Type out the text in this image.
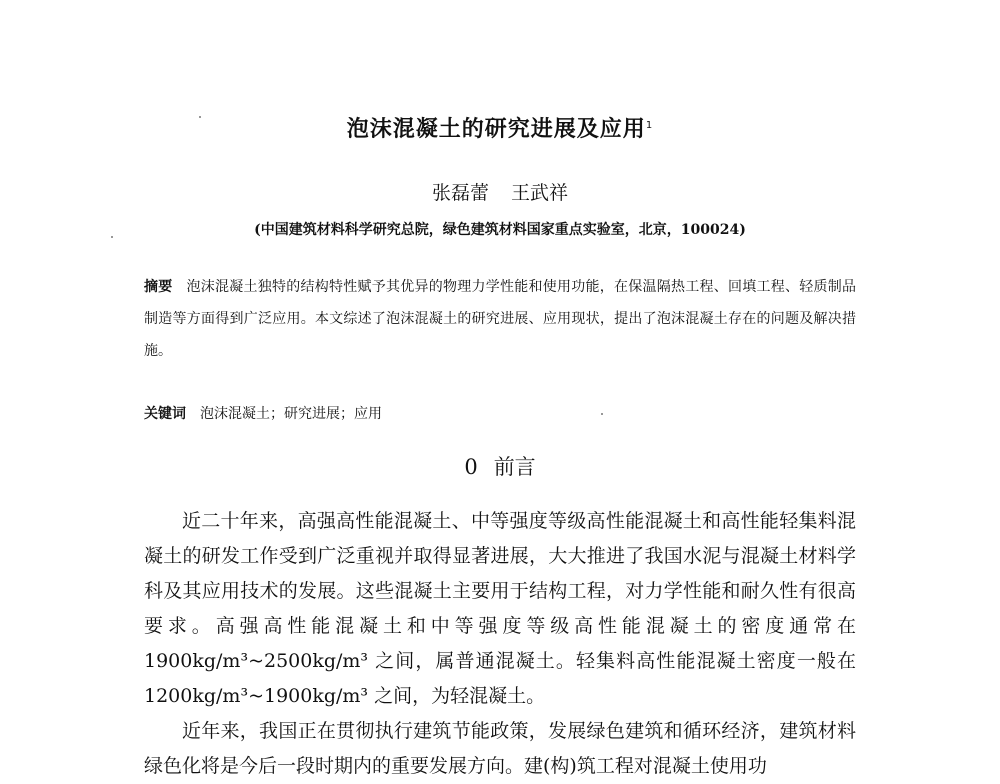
泡沫混凝土的研究进展及应用$^1$
张磊蕾 王武祥
(中国建筑材料科学研究总院，绿色建筑材料国家重点实验室，北京，100024)
摘要 泡沫混凝土独特的结构特性赋予其优异的物理力学性能和使用功能，在保温隔热工程、回填工程、轻质制品制造等方面得到广泛应用。本文综述了泡沫混凝土的研究进展、应用现状，提出了泡沫混凝土存在的问题及解决措施。
关键词 泡沫混凝土；研究进展；应用
0 前言

近二十年来，高强高性能混凝土、中等强度等级高性能混凝土和高性能轻集料混凝土的研发工作受到广泛重视并取得显著进展，大大推进了我国水泥与混凝土材料学科及其应用技术的发展。这些混凝土主要用于结构工程，对力学性能和耐久性有很高要求。高强高性能混凝土和中等强度等级高性能混凝土的密度通常在 1900kg/m³~2500kg/m³ 之间，属普通混凝土。轻集料高性能混凝土密度一般在 1200kg/m³~1900kg/m³ 之间，为轻混凝土。

近年来，我国正在贯彻执行建筑节能政策，发展绿色建筑和循环经济，建筑材料绿色化将是今后一段时期内的重要发展方向。建(构)筑工程对混凝土使用功
